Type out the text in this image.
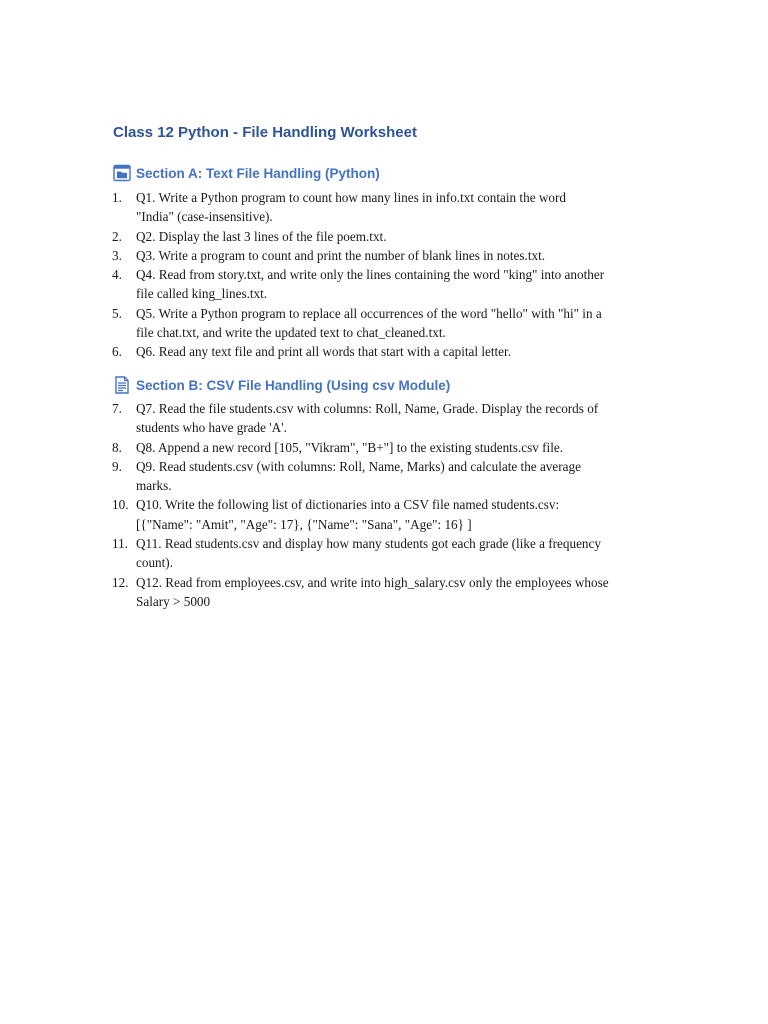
Class 12 Python - File Handling Worksheet
Section A: Text File Handling (Python)
1.	Q1. Write a Python program to count how many lines in info.txt contain the word
"India" (case-insensitive).
2.	Q2. Display the last 3 lines of the file poem.txt.
3.	Q3. Write a program to count and print the number of blank lines in notes.txt.
4.	Q4. Read from story.txt, and write only the lines containing the word "king" into another
file called king_lines.txt.
5.	Q5. Write a Python program to replace all occurrences of the word "hello" with "hi" in a
file chat.txt, and write the updated text to chat_cleaned.txt.
6.	Q6. Read any text file and print all words that start with a capital letter.
Section B: CSV File Handling (Using csv Module)
7.	Q7. Read the file students.csv with columns: Roll, Name, Grade. Display the records of
students who have grade 'A'.
8.	Q8. Append a new record [105, "Vikram", "B+"] to the existing students.csv file.
9.	Q9. Read students.csv (with columns: Roll, Name, Marks) and calculate the average
marks.
10. Q10. Write the following list of dictionaries into a CSV file named students.csv:
[{"Name": "Amit", "Age": 17}, {"Name": "Sana", "Age": 16} ]
11. Q11. Read students.csv and display how many students got each grade (like a frequency
count).
12. Q12. Read from employees.csv, and write into high_salary.csv only the employees whose
Salary > 5000
